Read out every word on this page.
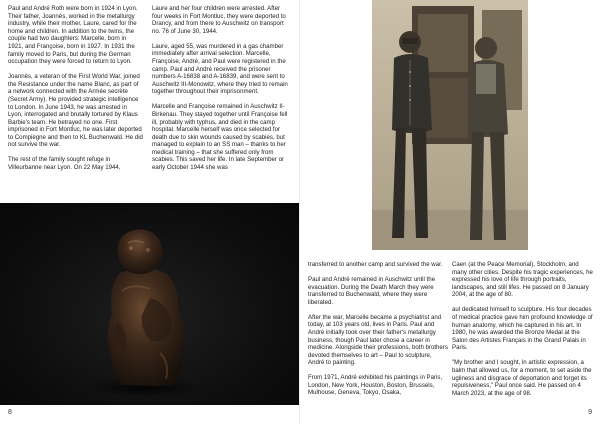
Paul and André Roth were born in 1924 in Lyon. Their father, Joannès, worked in the metallurgy industry, while their mother, Laure, cared for the home and children. In addition to the twins, the couple had two daughters: Marcelle, born in 1921, and Françoise, born in 1927. In 1931 the family moved to Paris, but during the German occupation they were forced to return to Lyon.

Joannès, a veteran of the First World War, joined the Resistance under the name Blanc, as part of a network connected with the Armée secrète (Secret Army). He provided strategic intelligence to London. In June 1943, he was arrested in Lyon, interrogated and brutally tortured by Klaus Barbie's team. He betrayed no one. First imprisoned in Fort Montluc, he was later deported to Compiègne and then to KL Buchenwald. He did not survive the war.

The rest of the family sought refuge in Villeurbanne near Lyon. On 22 May 1944,

Laure and her four children were arrested. After four weeks in Fort Montluc, they were deported to Drancy, and from there to Auschwitz on transport no. 76 of June 30, 1944.

Laure, aged 55, was murdered in a gas chamber immediately after arrival selection. Marcelle, Françoise, André, and Paul were registered in the camp. Paul and André received the prisoner numbers A-16838 and A-16839, and were sent to Auschwitz III-Monowitz, where they tried to remain together throughout their imprisonment.

Marcelle and Françoise remained in Auschwitz II-Birkenau. They stayed together until Françoise fell ill, probably with typhus, and died in the camp hospital. Marcelle herself was once selected for death due to skin wounds caused by scabies, but managed to explain to an SS man – thanks to her medical training – that she suffered only from scabies. This saved her life. In late September or early October 1944 she was

8

transferred to another camp and survived the war.

Paul and André remained in Auschwitz until the evacuation. During the Death March they were transferred to Buchenwald, where they were liberated.

After the war, Marcelle became a psychiatrist and today, at 103 years old, lives in Paris. Paul and André initially took over their father's metallurgy business, though Paul later chose a career in medicine. Alongside their professions, both brothers devoted themselves to art – Paul to sculpture, André to painting.

From 1971, André exhibited his paintings in Paris, London, New York, Houston, Boston, Brussels, Mulhouse, Geneva, Tokyo, Osaka,

Caen (at the Peace Memorial), Stockholm, and many other cities. Despite his tragic experiences, he expressed his love of life through portraits, landscapes, and still lifes. He passed on 8 January 2004, at the age of 80.

aul dedicated himself to sculpture. His four decades of medical practice gave him profound knowledge of human anatomy, which he captured in his art. In 1980, he was awarded the Bronze Medal at the Salon des Artistes Français in the Grand Palais in Paris.

"My brother and I sought, in artistic expression, a balm that allowed us, for a moment, to set aside the ugliness and disgrace of deportation and forget its repulsiveness," Paul once said. He passed on 4 March 2023, at the age of 98.

9
